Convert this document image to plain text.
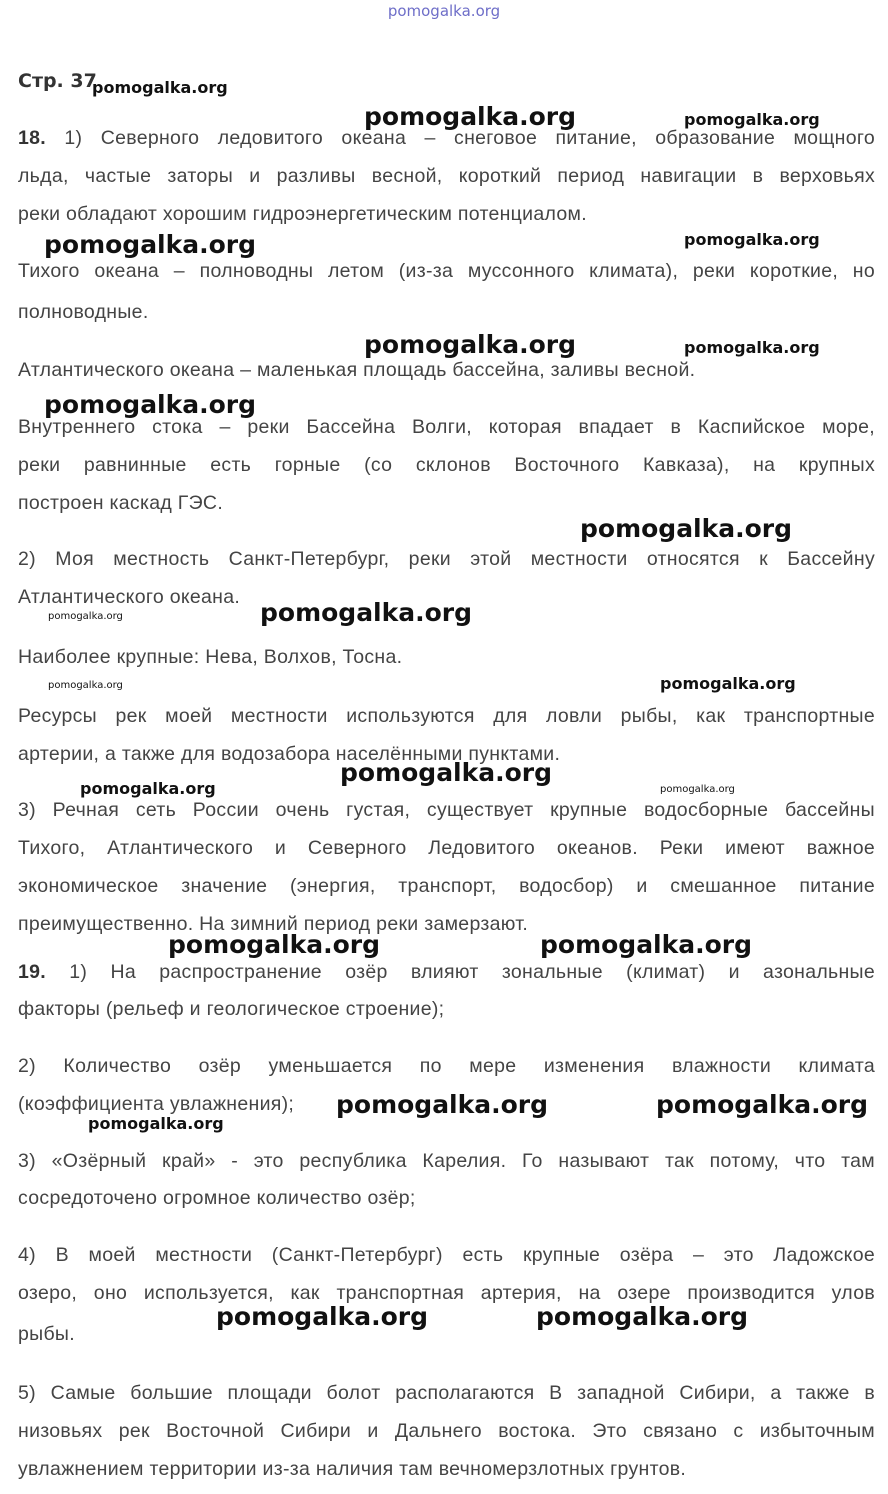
pomogalka.org
Стр. 37
18. 1) Северного ледовитого океана – снеговое питание, образование мощного
льда, частые заторы и разливы весной, короткий период навигации в верховьях
реки обладают хорошим гидроэнергетическим потенциалом.
Тихого океана – полноводны летом (из-за муссонного климата), реки короткие, но
полноводные.
Атлантического океана – маленькая площадь бассейна, заливы весной.
Внутреннего стока – реки Бассейна Волги, которая впадает в Каспийское море,
реки равнинные есть горные (со склонов Восточного Кавказа), на крупных
построен каскад ГЭС.
2) Моя местность Санкт-Петербург, реки этой местности относятся к Бассейну
Атлантического океана.
Наиболее крупные: Нева, Волхов, Тосна.
Ресурсы рек моей местности используются для ловли рыбы, как транспортные
артерии, а также для водозабора населёнными пунктами.
3) Речная сеть России очень густая, существует крупные водосборные бассейны
Тихого, Атлантического и Северного Ледовитого океанов. Реки имеют важное
экономическое значение (энергия, транспорт, водосбор) и смешанное питание
преимущественно. На зимний период реки замерзают.
19. 1) На распространение озёр влияют зональные (климат) и азональные
факторы (рельеф и геологическое строение);
2) Количество озёр уменьшается по мере изменения влажности климата
(коэффициента увлажнения);
3) «Озёрный край» - это республика Карелия. Го называют так потому, что там
сосредоточено огромное количество озёр;
4) В моей местности (Санкт-Петербург) есть крупные озёра – это Ладожское
озеро, оно используется, как транспортная артерия, на озере производится улов
рыбы.
5) Самые большие площади болот располагаются В западной Сибири, а также в
низовьях рек Восточной Сибири и Дальнего востока. Это связано с избыточным
увлажнением территории из-за наличия там вечномерзлотных грунтов.
pomogalka.org
pomogalka.org	pomogalka.org
pomogalka.org	pomogalka.org
pomogalka.org	pomogalka.org
pomogalka.org
pomogalka.org
pomogalka.org
pomogalka.org
pomogalka.org	pomogalka.org
pomogalka.org
pomogalka.org	pomogalka.org
pomogalka.org	pomogalka.org
pomogalka.org	pomogalka.org
pomogalka.org
pomogalka.org	pomogalka.org
